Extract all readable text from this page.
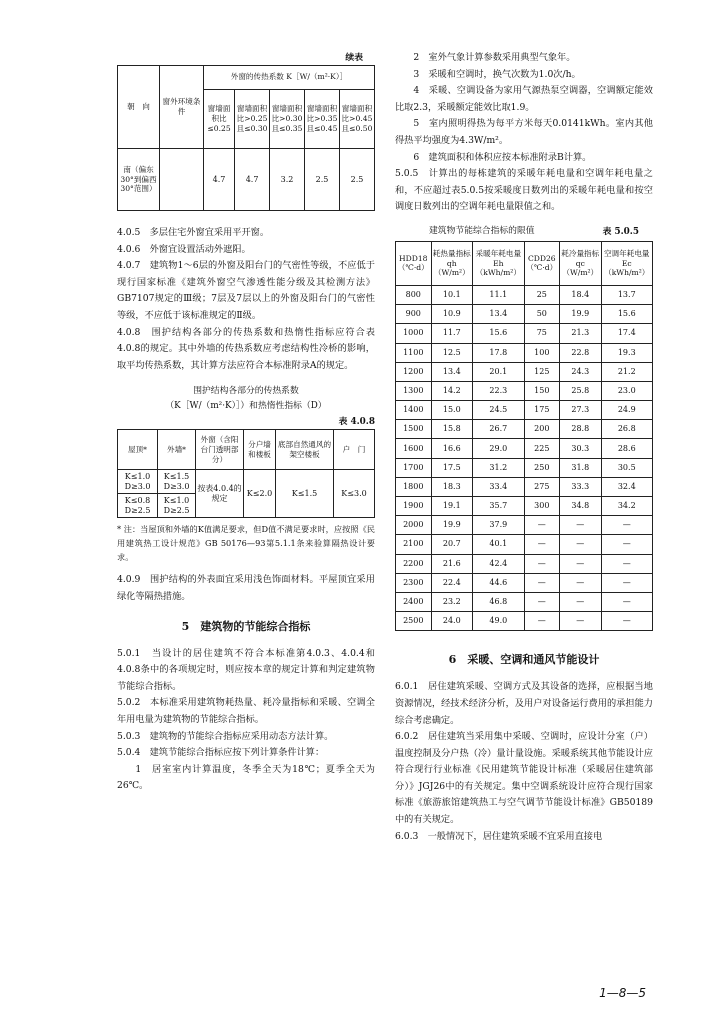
续表
朝　向	窗外环境条　件	外窗的传热系数 K［W/（m²·K）］				
		窗墙面积比≤0.25	窗墙面积比>0.25且≤0.30	窗墙面积比>0.30且≤0.35	窗墙面积比>0.35且≤0.45	窗墙面积比>0.45且≤0.50
南（偏东30°到偏西30°范围）		4.7	4.7	3.2	2.5	2.5

4.0.5　多层住宅外窗宜采用平开窗。

4.0.6　外窗宜设置活动外遮阳。

4.0.7　建筑物1～6层的外窗及阳台门的气密性等级，不应低于现行国家标准《建筑外窗空气渗透性能分级及其检测方法》GB7107规定的Ⅲ级；7层及7层以上的外窗及阳台门的气密性等级，不应低于该标准规定的Ⅱ级。

4.0.8　围护结构各部分的传热系数和热惰性指标应符合表4.0.8的规定。其中外墙的传热系数应考虑结构性冷桥的影响，取平均传热系数，其计算方法应符合本标准附录A的规定。

围护结构各部分的传热系数
（K［W/（m²·K）］）和热惰性指标（D）
表 4.0.8
屋顶*	外墙*	外窗（含阳台门透明部分）	分户墙和楼板	底部自然通风的架空楼板	户　门
K≤1.0 D≥3.0	K≤1.5 D≥3.0	按表4.0.4的规定	K≤2.0	K≤1.5	K≤3.0
K≤0.8 D≥2.5	K≤1.0 D≥2.5				
* 注：当屋顶和外墙的K值满足要求，但D值不满足要求时，应按照《民用建筑热工设计规范》GB 50176—93第5.1.1条来验算隔热设计要求。

4.0.9　围护结构的外表面宜采用浅色饰面材料。平屋顶宜采用绿化等隔热措施。

5　建筑物的节能综合指标

5.0.1　当设计的居住建筑不符合本标准第4.0.3、4.0.4和4.0.8条中的各项规定时，则应按本章的规定计算和判定建筑物节能综合指标。

5.0.2　本标准采用建筑物耗热量、耗冷量指标和采暖、空调全年用电量为建筑物的节能综合指标。

5.0.3　建筑物的节能综合指标应采用动态方法计算。

5.0.4　建筑节能综合指标应按下列计算条件计算：

1　居室室内计算温度，冬季全天为18℃；夏季全天为26℃。

2　室外气象计算参数采用典型气象年。

3　采暖和空调时，换气次数为1.0次/h。

4　采暖、空调设备为家用气源热泵空调器，空调额定能效比取2.3，采暖额定能效比取1.9。

5　室内照明得热为每平方米每天0.0141kWh。室内其他得热平均强度为4.3W/m²。

6　建筑面积和体积应按本标准附录B计算。

5.0.5　计算出的每栋建筑的采暖年耗电量和空调年耗电量之和，不应超过表5.0.5按采暖度日数列出的采暖年耗电量和按空调度日数列出的空调年耗电量限值之和。

建筑物节能综合指标的限值	表 5.0.5
HDD18（℃·d）	耗热量指标 qh（W/m²）	采暖年耗电量 Eh（kWh/m²）	CDD26（℃·d）	耗冷量指标 qc（W/m²）	空调年耗电量 Ec（kWh/m²）
800	10.1	11.1	25	18.4	13.7
900	10.9	13.4	50	19.9	15.6
1000	11.7	15.6	75	21.3	17.4
1100	12.5	17.8	100	22.8	19.3
1200	13.4	20.1	125	24.3	21.2
1300	14.2	22.3	150	25.8	23.0
1400	15.0	24.5	175	27.3	24.9
1500	15.8	26.7	200	28.8	26.8
1600	16.6	29.0	225	30.3	28.6
1700	17.5	31.2	250	31.8	30.5
1800	18.3	33.4	275	33.3	32.4
1900	19.1	35.7	300	34.8	34.2
2000	19.9	37.9	—	—	—
2100	20.7	40.1	—	—	—
2200	21.6	42.4	—	—	—
2300	22.4	44.6	—	—	—
2400	23.2	46.8	—	—	—
2500	24.0	49.0	—	—	—
6　采暖、空调和通风节能设计

6.0.1　居住建筑采暖、空调方式及其设备的选择，应根据当地资源情况，经技术经济分析，及用户对设备运行费用的承担能力综合考虑确定。

6.0.2　居住建筑当采用集中采暖、空调时，应设计分室（户）温度控制及分户热（冷）量计量设施。采暖系统其他节能设计应符合现行行业标准《民用建筑节能设计标准（采暖居住建筑部分）》JGJ26中的有关规定。集中空调系统设计应符合现行国家标准《旅游旅馆建筑热工与空气调节节能设计标准》GB50189中的有关规定。

6.0.3　一般情况下，居住建筑采暖不宜采用直接电

1—8—5
